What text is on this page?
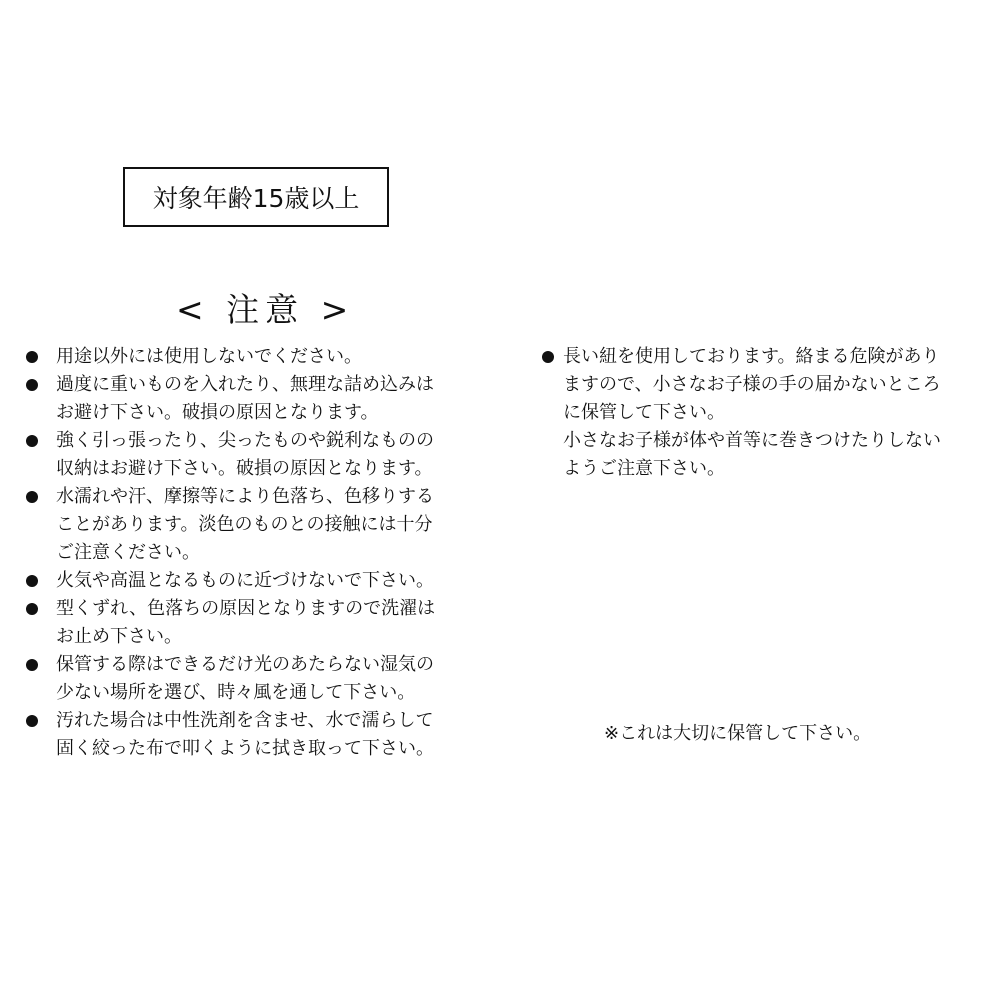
対象年齢15歳以上
< 注意 >
用途以外には使用しないでください。
過度に重いものを入れたり、無理な詰め込みは
お避け下さい。破損の原因となります。
強く引っ張ったり、尖ったものや鋭利なものの
収納はお避け下さい。破損の原因となります。
水濡れや汗、摩擦等により色落ち、色移りする
ことがあります。淡色のものとの接触には十分
ご注意ください。
火気や高温となるものに近づけないで下さい。
型くずれ、色落ちの原因となりますので洗濯は
お止め下さい。
保管する際はできるだけ光のあたらない湿気の
少ない場所を選び、時々風を通して下さい。
汚れた場合は中性洗剤を含ませ、水で濡らして
固く絞った布で叩くように拭き取って下さい。
長い紐を使用しております。絡まる危険があり
ますので、小さなお子様の手の届かないところ
に保管して下さい。
小さなお子様が体や首等に巻きつけたりしない
ようご注意下さい。
※これは大切に保管して下さい。
